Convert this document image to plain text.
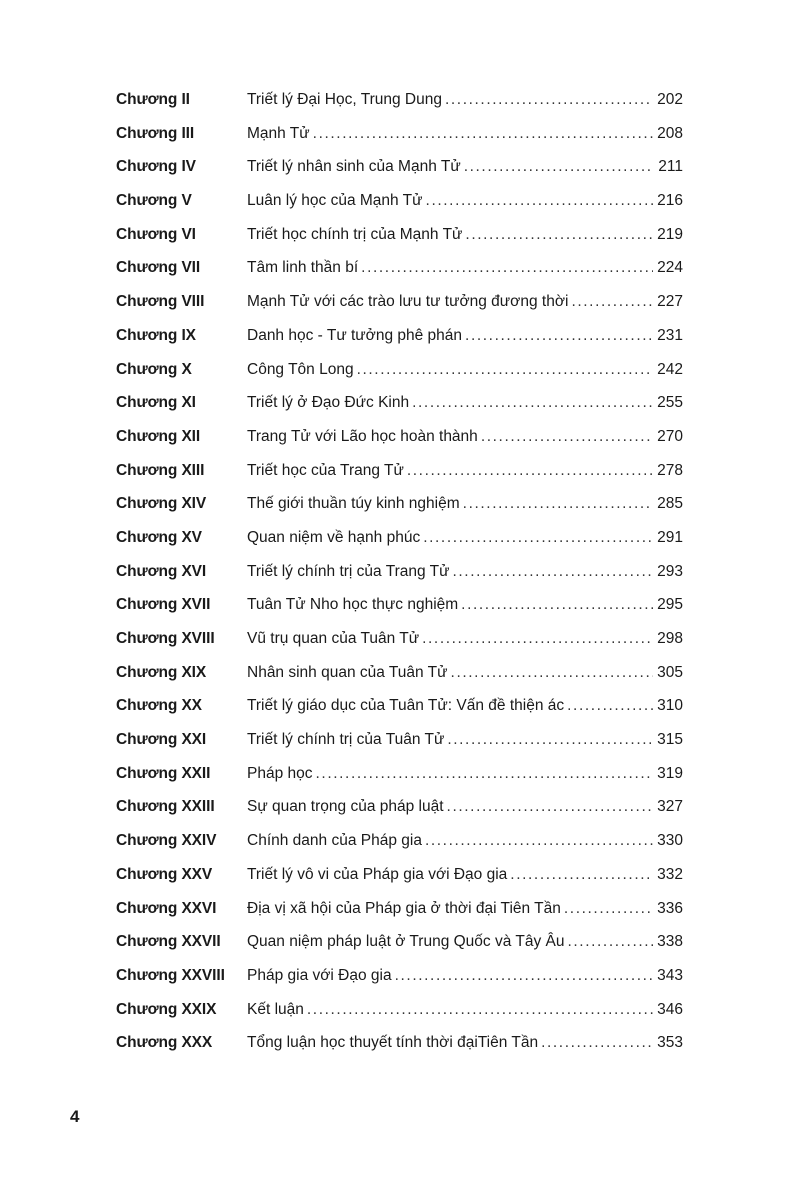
Chương II	Triết lý Đại Học, Trung Dung .....	202
Chương III	Mạnh Tử .....	208
Chương IV	Triết lý nhân sinh của Mạnh Tử .....	211
Chương V	Luân lý học của Mạnh Tử .....	216
Chương VI	Triết học chính trị của Mạnh Tử .....	219
Chương VII	Tâm linh thần bí .....	224
Chương VIII	Mạnh Tử với các trào lưu tư tưởng đương thời .....	227
Chương IX	Danh học - Tư tưởng phê phán .....	231
Chương X	Công Tôn Long .....	242
Chương XI	Triết lý ở Đạo Đức Kinh .....	255
Chương XII	Trang Tử với Lão học hoàn thành .....	270
Chương XIII	Triết học của Trang Tử .....	278
Chương XIV	Thế giới thuần túy kinh nghiệm .....	285
Chương XV	Quan niệm về hạnh phúc .....	291
Chương XVI	Triết lý chính trị của Trang Tử .....	293
Chương XVII Tuân Tử Nho học thực nghiệm .....	295
Chương XVIII Vũ trụ quan của Tuân Tử .....	298
Chương XIX	Nhân sinh quan của Tuân Tử .....	305
Chương XX	Triết lý giáo dục của Tuân Tử: Vấn đề thiện ác .....	310
Chương XXI	Triết lý chính trị của Tuân Tử .....	315
Chương XXII Pháp học .....	319
Chương XXIII Sự quan trọng của pháp luật .....	327
Chương XXIV Chính danh của Pháp gia .....	330
Chương XXV Triết lý vô vi của Pháp gia với Đạo gia .....	332
Chương XXVI Địa vị xã hội của Pháp gia ở thời đại Tiên Tần .....	336
Chương XXVII Quan niệm pháp luật ở Trung Quốc và Tây Âu .....	338
Chương XXVIII Pháp gia với Đạo gia .....	343
Chương XXIX Kết luận .....	346
Chương XXX Tổng luận học thuyết tính thời đạiTiên Tần .....	353
4
